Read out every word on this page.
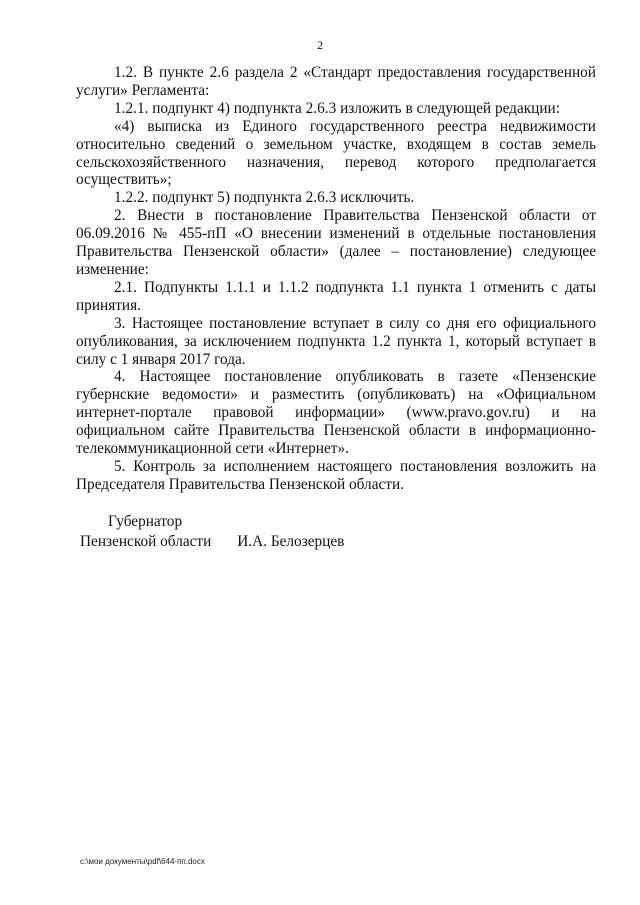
2

1.2. В пункте 2.6 раздела 2 «Стандарт предоставления государственной услуги» Регламента:

1.2.1. подпункт 4) подпункта 2.6.3 изложить в следующей редакции:

«4) выписка из Единого государственного реестра недвижимости относительно сведений о земельном участке, входящем в состав земель сельскохозяйственного назначения, перевод которого предполагается осуществить»;

1.2.2. подпункт 5) подпункта 2.6.3 исключить.

2. Внести в постановление Правительства Пензенской области от 06.09.2016 № 455-пП «О внесении изменений в отдельные постановления Правительства Пензенской области» (далее – постановление) следующее изменение:

2.1. Подпункты 1.1.1 и 1.1.2 подпункта 1.1 пункта 1 отменить с даты принятия.

3. Настоящее постановление вступает в силу со дня его официального опубликования, за исключением подпункта 1.2 пункта 1, который вступает в силу с 1 января 2017 года.

4. Настоящее постановление опубликовать в газете «Пензенские губернские ведомости» и разместить (опубликовать) на «Официальном интернет-портале правовой информации» (www.pravo.gov.ru) и на официальном сайте Правительства Пензенской области в информационно-телекоммуникационной сети «Интернет».

5. Контроль за исполнением настоящего постановления возложить на Председателя Правительства Пензенской области.

Губернатор
Пензенской области И.А. Белозерцев
c:\мои документы\pdf\644-пп.docx
